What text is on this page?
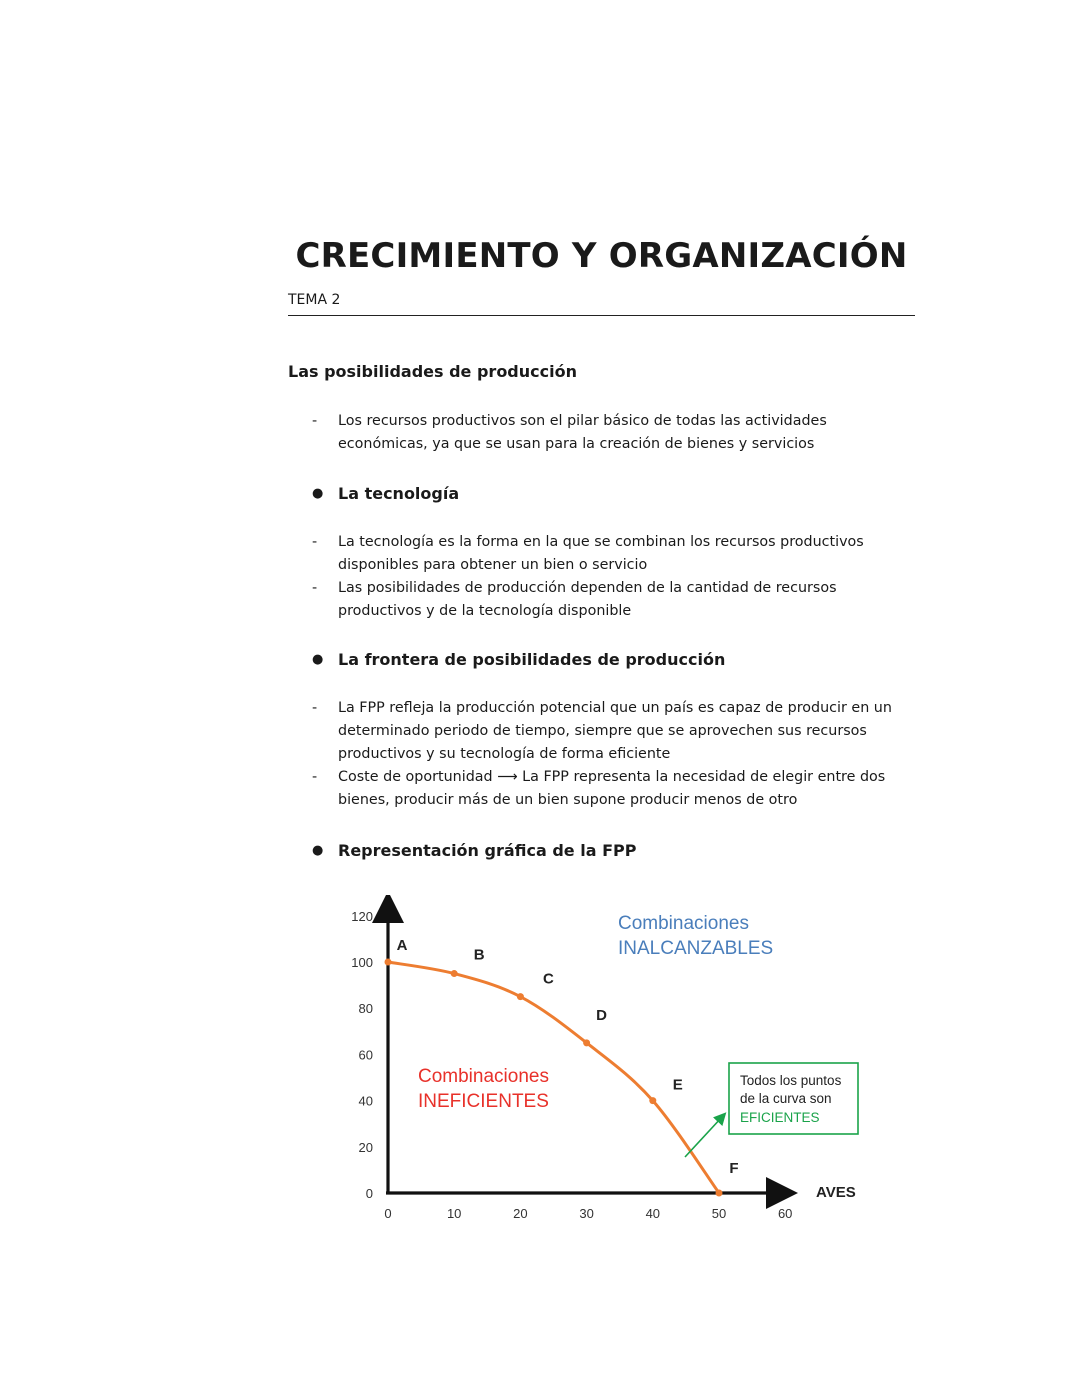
CRECIMIENTO Y ORGANIZACIÓN
TEMA 2
Las posibilidades de producción
- Los recursos productivos son el pilar básico de todas las actividades económicas, ya que se usan para la creación de bienes y servicios
● La tecnología
- La tecnología es la forma en la que se combinan los recursos productivos disponibles para obtener un bien o servicio
- Las posibilidades de producción dependen de la cantidad de recursos productivos y de la tecnología disponible
● La frontera de posibilidades de producción
- La FPP refleja la producción potencial que un país es capaz de producir en un determinado periodo de tiempo, siempre que se aprovechen sus recursos productivos y su tecnología de forma eficiente
- Coste de oportunidad ⟶ La FPP representa la necesidad de elegir entre dos bienes, producir más de un bien supone producir menos de otro
● Representación gráfica de la FPP
0
20
40
60
80
100
120
0	10	20	30	40	50	60
A
B
C
D
E
F
AVES
Combinaciones
INALCANZABLES
Combinaciones
INEFICIENTES
Todos los puntos
de la curva son
EFICIENTES
